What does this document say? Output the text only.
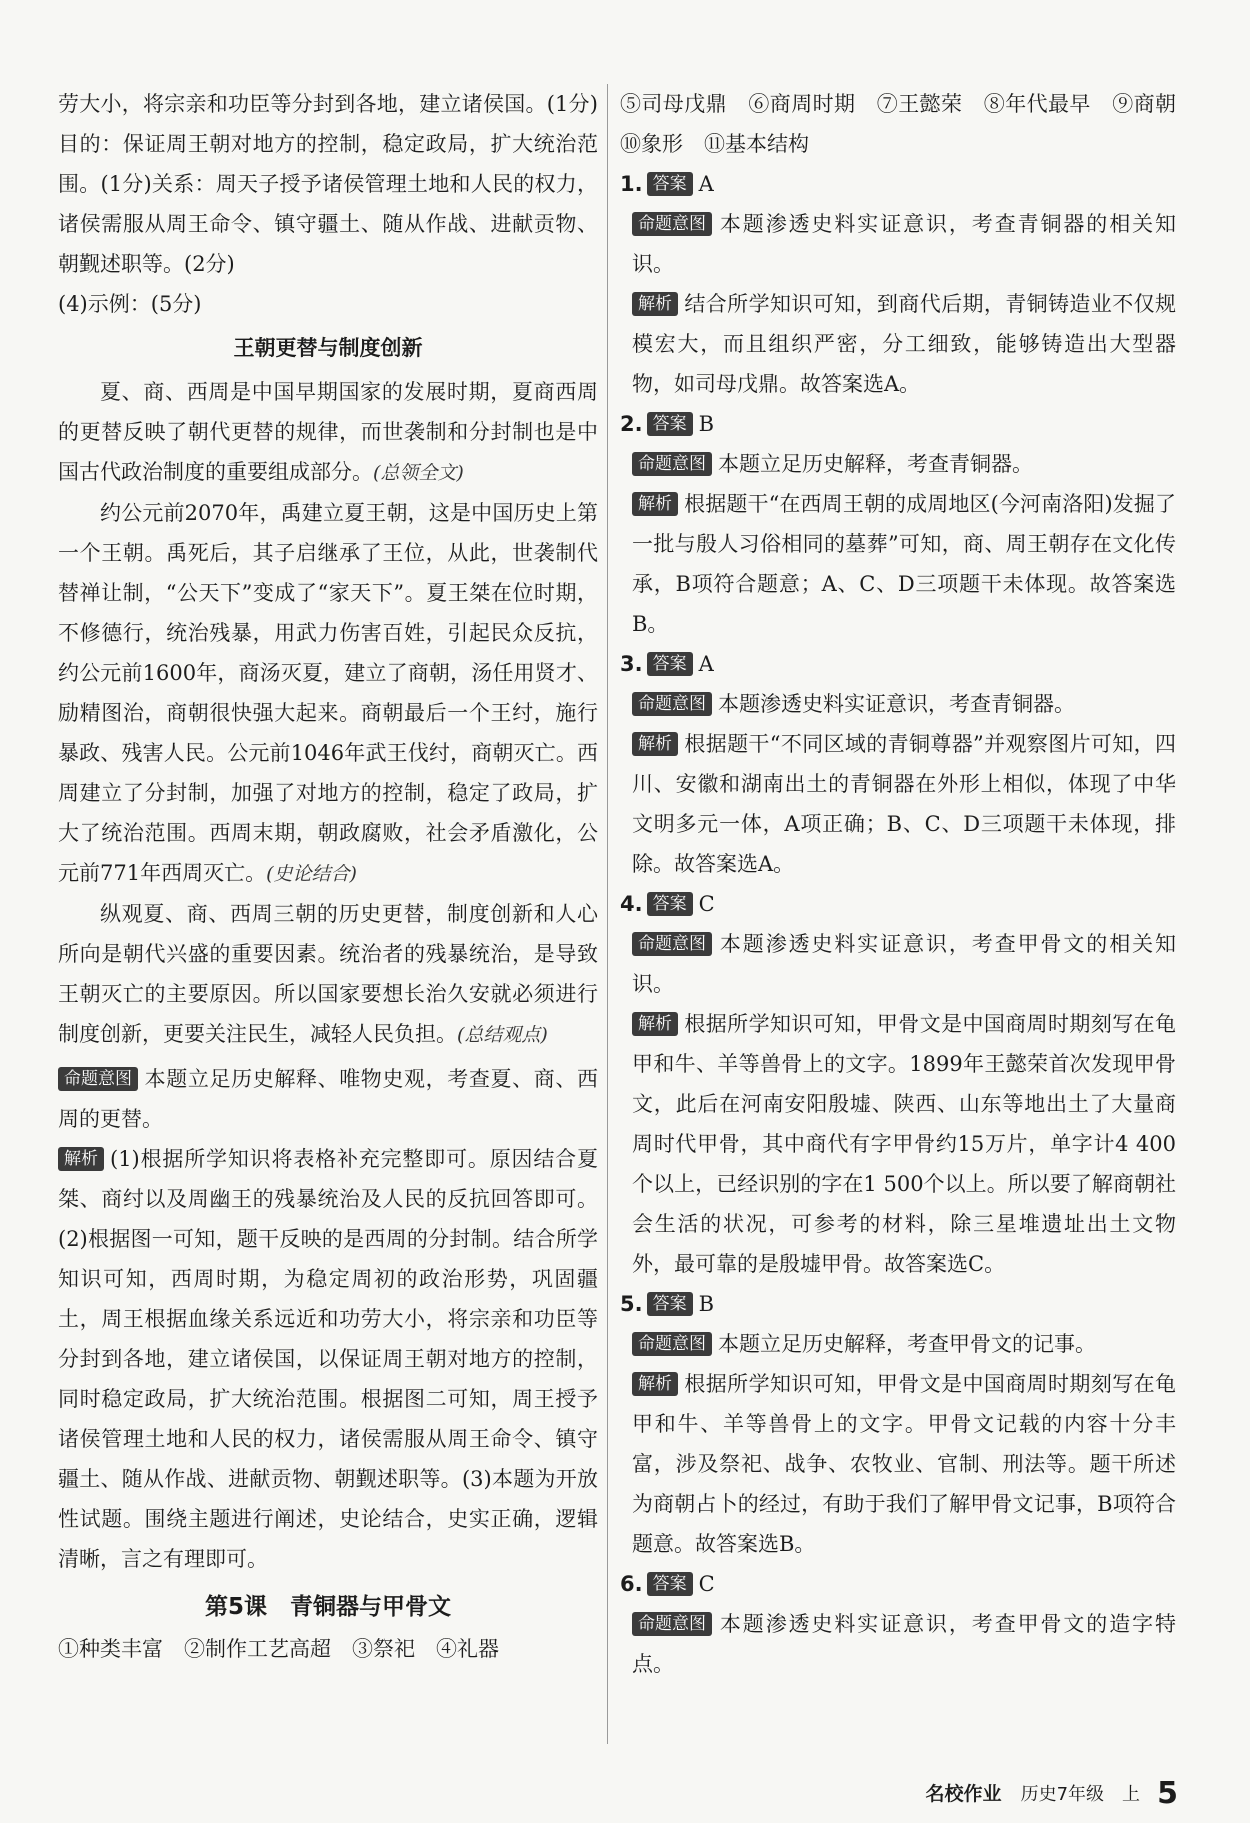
劳大小，将宗亲和功臣等分封到各地，建立诸侯国。(1分)目的：保证周王朝对地方的控制，稳定政局，扩大统治范围。(1分)关系：周天子授予诸侯管理土地和人民的权力，诸侯需服从周王命令、镇守疆土、随从作战、进献贡物、朝觐述职等。(2分)

(4)示例：(5分)

王朝更替与制度创新

夏、商、西周是中国早期国家的发展时期，夏商西周的更替反映了朝代更替的规律，而世袭制和分封制也是中国古代政治制度的重要组成部分。(总领全文)

约公元前2070年，禹建立夏王朝，这是中国历史上第一个王朝。禹死后，其子启继承了王位，从此，世袭制代替禅让制，“公天下”变成了“家天下”。夏王桀在位时期，不修德行，统治残暴，用武力伤害百姓，引起民众反抗，约公元前1600年，商汤灭夏，建立了商朝，汤任用贤才、励精图治，商朝很快强大起来。商朝最后一个王纣，施行暴政、残害人民。公元前1046年武王伐纣，商朝灭亡。西周建立了分封制，加强了对地方的控制，稳定了政局，扩大了统治范围。西周末期，朝政腐败，社会矛盾激化，公元前771年西周灭亡。(史论结合)

纵观夏、商、西周三朝的历史更替，制度创新和人心所向是朝代兴盛的重要因素。统治者的残暴统治，是导致王朝灭亡的主要原因。所以国家要想长治久安就必须进行制度创新，更要关注民生，减轻人民负担。(总结观点)

命题意图 本题立足历史解释、唯物史观，考查夏、商、西周的更替。

解析 (1)根据所学知识将表格补充完整即可。原因结合夏桀、商纣以及周幽王的残暴统治及人民的反抗回答即可。(2)根据图一可知，题干反映的是西周的分封制。结合所学知识可知，西周时期，为稳定周初的政治形势，巩固疆土，周王根据血缘关系远近和功劳大小，将宗亲和功臣等分封到各地，建立诸侯国，以保证周王朝对地方的控制，同时稳定政局，扩大统治范围。根据图二可知，周王授予诸侯管理土地和人民的权力，诸侯需服从周王命令、镇守疆土、随从作战、进献贡物、朝觐述职等。(3)本题为开放性试题。围绕主题进行阐述，史论结合，史实正确，逻辑清晰，言之有理即可。

第5课　青铜器与甲骨文

①种类丰富　②制作工艺高超　③祭祀　④礼器

⑤司母戊鼎　⑥商周时期　⑦王懿荣　⑧年代最早　⑨商朝　⑩象形　⑪基本结构

1. 答案 A

命题意图 本题渗透史料实证意识，考查青铜器的相关知识。

解析 结合所学知识可知，到商代后期，青铜铸造业不仅规模宏大，而且组织严密，分工细致，能够铸造出大型器物，如司母戊鼎。故答案选A。

2. 答案 B

命题意图 本题立足历史解释，考查青铜器。

解析 根据题干“在西周王朝的成周地区(今河南洛阳)发掘了一批与殷人习俗相同的墓葬”可知，商、周王朝存在文化传承，B项符合题意；A、C、D三项题干未体现。故答案选B。

3. 答案 A

命题意图 本题渗透史料实证意识，考查青铜器。

解析 根据题干“不同区域的青铜尊器”并观察图片可知，四川、安徽和湖南出土的青铜器在外形上相似，体现了中华文明多元一体，A项正确；B、C、D三项题干未体现，排除。故答案选A。

4. 答案 C

命题意图 本题渗透史料实证意识，考查甲骨文的相关知识。

解析 根据所学知识可知，甲骨文是中国商周时期刻写在龟甲和牛、羊等兽骨上的文字。1899年王懿荣首次发现甲骨文，此后在河南安阳殷墟、陕西、山东等地出土了大量商周时代甲骨，其中商代有字甲骨约15万片，单字计4 400个以上，已经识别的字在1 500个以上。所以要了解商朝社会生活的状况，可参考的材料，除三星堆遗址出土文物外，最可靠的是殷墟甲骨。故答案选C。

5. 答案 B

命题意图 本题立足历史解释，考查甲骨文的记事。

解析 根据所学知识可知，甲骨文是中国商周时期刻写在龟甲和牛、羊等兽骨上的文字。甲骨文记载的内容十分丰富，涉及祭祀、战争、农牧业、官制、刑法等。题干所述为商朝占卜的经过，有助于我们了解甲骨文记事，B项符合题意。故答案选B。

6. 答案 C

命题意图 本题渗透史料实证意识，考查甲骨文的造字特点。

名校作业 历史7年级　上 5
